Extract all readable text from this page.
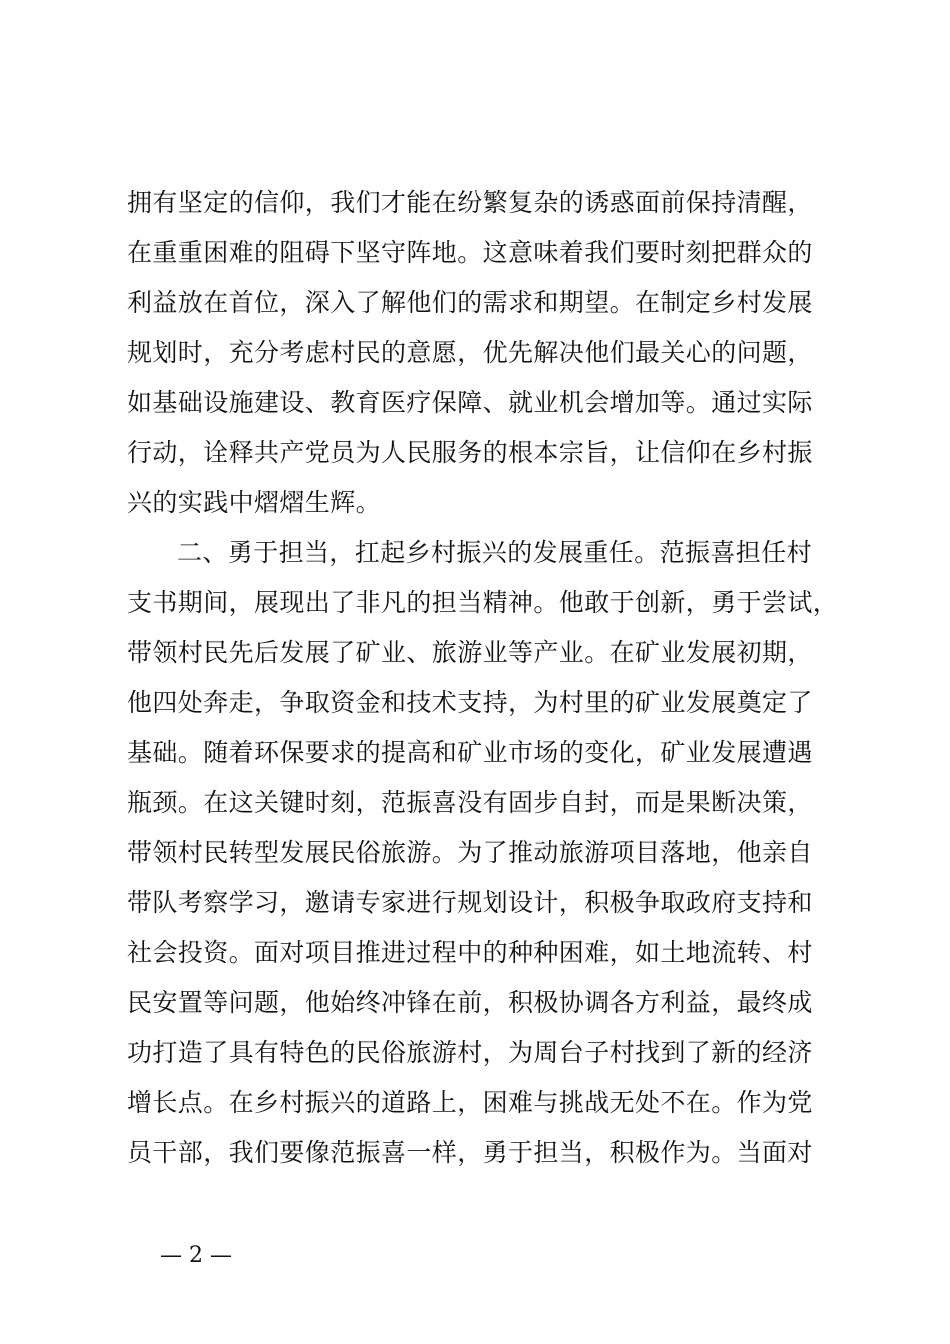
拥有坚定的信仰，我们才能在纷繁复杂的诱惑面前保持清醒，
在重重困难的阻碍下坚守阵地。这意味着我们要时刻把群众的
利益放在首位，深入了解他们的需求和期望。在制定乡村发展
规划时，充分考虑村民的意愿，优先解决他们最关心的问题，
如基础设施建设、教育医疗保障、就业机会增加等。通过实际
行动，诠释共产党员为人民服务的根本宗旨，让信仰在乡村振
兴的实践中熠熠生辉。
二、勇于担当，扛起乡村振兴的发展重任。范振喜担任村
支书期间，展现出了非凡的担当精神。他敢于创新，勇于尝试，
带领村民先后发展了矿业、旅游业等产业。在矿业发展初期，
他四处奔走，争取资金和技术支持，为村里的矿业发展奠定了
基础。随着环保要求的提高和矿业市场的变化，矿业发展遭遇
瓶颈。在这关键时刻，范振喜没有固步自封，而是果断决策，
带领村民转型发展民俗旅游。为了推动旅游项目落地，他亲自
带队考察学习，邀请专家进行规划设计，积极争取政府支持和
社会投资。面对项目推进过程中的种种困难，如土地流转、村
民安置等问题，他始终冲锋在前，积极协调各方利益，最终成
功打造了具有特色的民俗旅游村，为周台子村找到了新的经济
增长点。在乡村振兴的道路上，困难与挑战无处不在。作为党
员干部，我们要像范振喜一样，勇于担当，积极作为。当面对
— 2 —
